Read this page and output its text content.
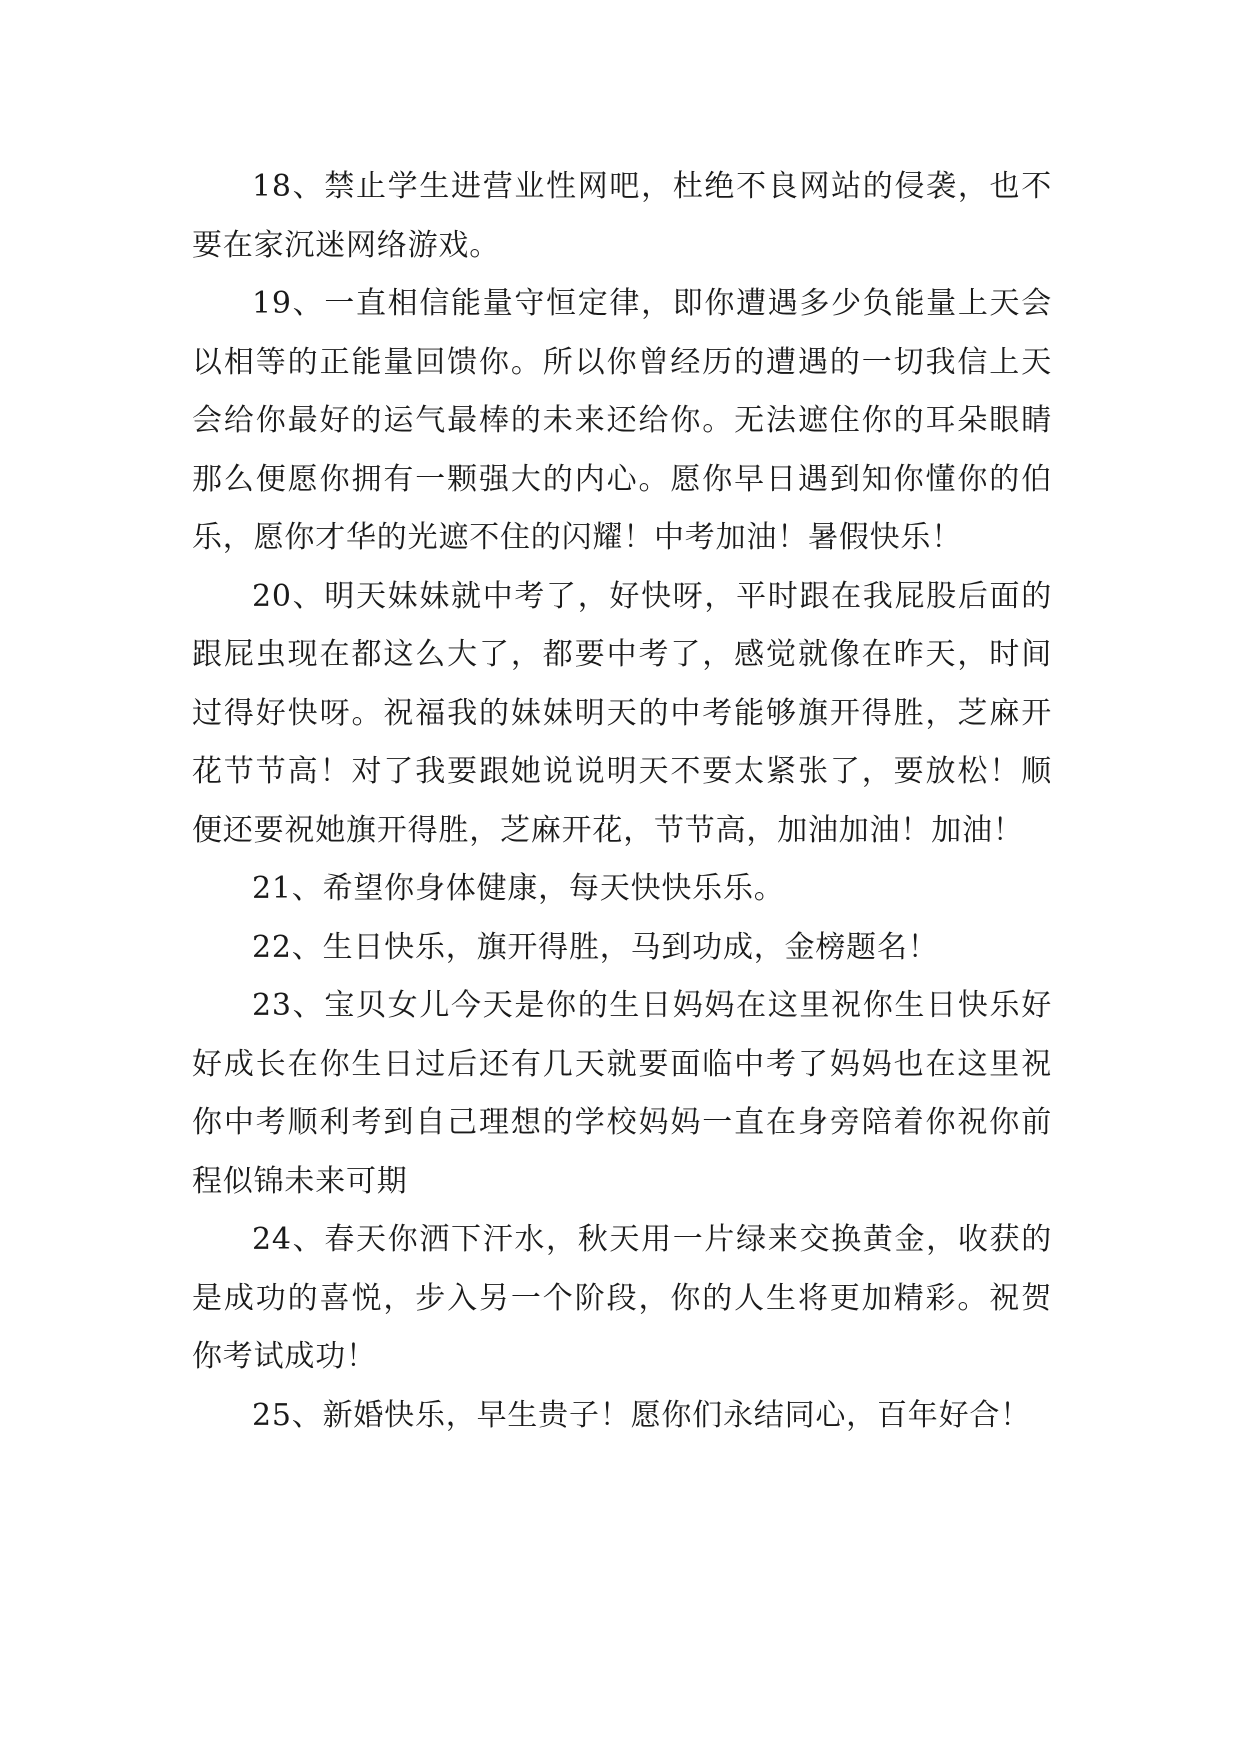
18、禁止学生进营业性网吧，杜绝不良网站的侵袭，也不要在家沉迷网络游戏。

19、一直相信能量守恒定律，即你遭遇多少负能量上天会以相等的正能量回馈你。所以你曾经历的遭遇的一切我信上天会给你最好的运气最棒的未来还给你。无法遮住你的耳朵眼睛那么便愿你拥有一颗强大的内心。愿你早日遇到知你懂你的伯乐，愿你才华的光遮不住的闪耀！中考加油！暑假快乐！

20、明天妹妹就中考了，好快呀，平时跟在我屁股后面的跟屁虫现在都这么大了，都要中考了，感觉就像在昨天，时间过得好快呀。祝福我的妹妹明天的中考能够旗开得胜，芝麻开花节节高！对了我要跟她说说明天不要太紧张了，要放松！顺便还要祝她旗开得胜，芝麻开花，节节高，加油加油！加油！

21、希望你身体健康，每天快快乐乐。

22、生日快乐，旗开得胜，马到功成，金榜题名！

23、宝贝女儿今天是你的生日妈妈在这里祝你生日快乐好好成长在你生日过后还有几天就要面临中考了妈妈也在这里祝你中考顺利考到自己理想的学校妈妈一直在身旁陪着你祝你前程似锦未来可期

24、春天你洒下汗水，秋天用一片绿来交换黄金，收获的是成功的喜悦，步入另一个阶段，你的人生将更加精彩。祝贺你考试成功！

25、新婚快乐，早生贵子！愿你们永结同心，百年好合！
